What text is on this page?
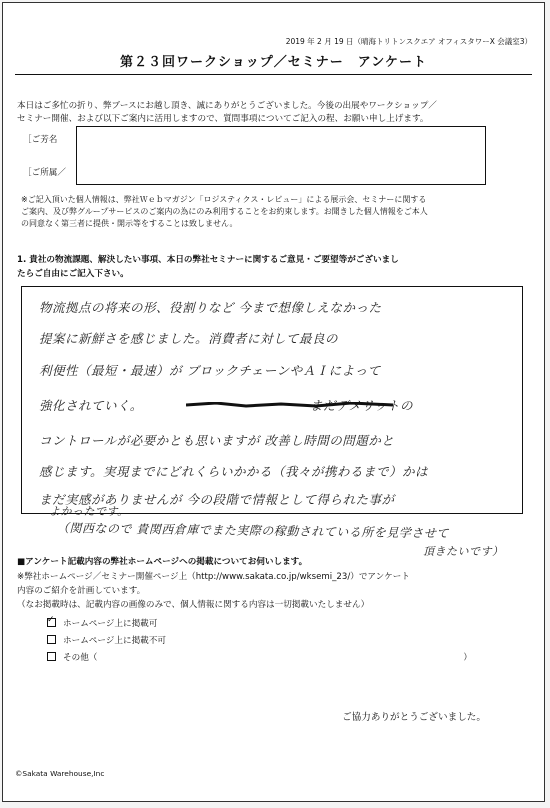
2019 年 2 月 19 日（晴海トリトンスクエア オフィスタワーX 会議室3）
第２３回ワークショップ／セミナー　アンケート
本日はご多忙の折り、弊ブースにお越し頂き、誠にありがとうございました。今後の出展やワークショップ／
セミナー開催、および以下ご案内に活用しますので、質問事項についてご記入の程、お願い申し上げます。
［ご芳名
［ご所属／
※ご記入頂いた個人情報は、弊社Ｗｅｂマガジン「ロジスティクス・レビュー」による展示会、セミナーに関する
ご案内、及び弊グループサービスのご案内の為にのみ利用することをお約束します。お聞きした個人情報をご本人
の同意なく第三者に提供・開示等をすることは致しません。
1. 貴社の物流課題、解決したい事項、本日の弊社セミナーに関するご意見・ご要望等がございまし
たらご自由にご記入下さい。
物流拠点の将来の形、役割りなど 今まで想像しえなかった
提案に新鮮さを感じました。消費者に対して最良の
利便性（最短・最速）が ブロックチェーンやＡＩによって
強化されていく。　　　　　　　　　　　　　 まだデメリットの
コントロールが必要かとも思いますが 改善し時間の問題かと
感じます。実現までにどれくらいかかる（我々が携わるまで）かは
まだ実感がありませんが 今の段階で情報として得られた事が
よかったです。
（関西なので 貴関西倉庫でまた実際の稼動されている所を見学させて
頂きたいです）
■アンケート記載内容の弊社ホームページへの掲載についてお伺いします。
※弊社ホームページ／セミナー開催ページ上（http://www.sakata.co.jp/wksemi_23/）でアンケート
内容のご紹介を計画しています。
（なお掲載時は、記載内容の画像のみで、個人情報に関する内容は一切掲載いたしません）
✓
ホームページ上に掲載可
ホームページ上に掲載不可
その他（	）
ご協力ありがとうございました。
©Sakata Warehouse,Inc
